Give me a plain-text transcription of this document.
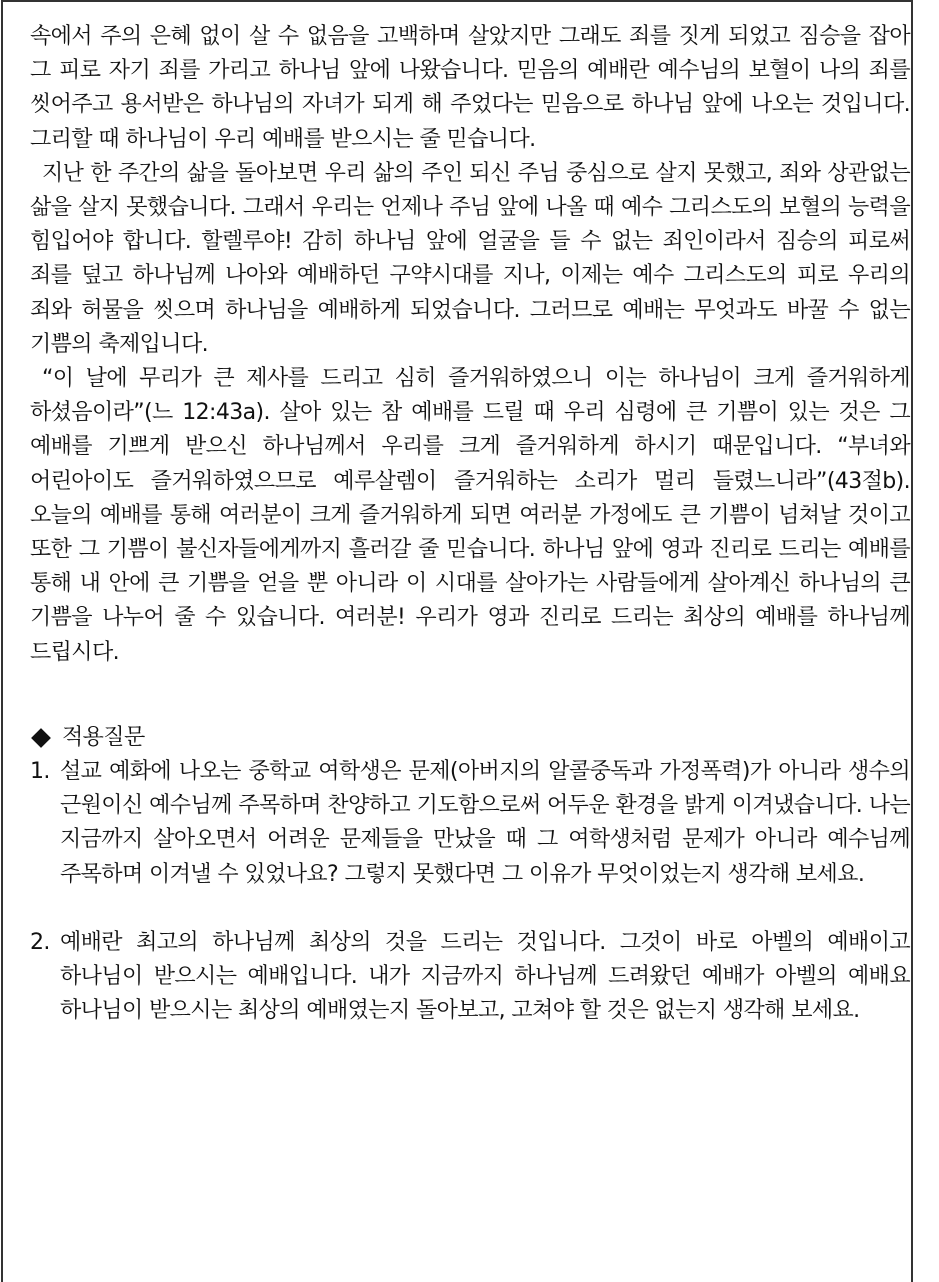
속에서 주의 은혜 없이 살 수 없음을 고백하며 살았지만 그래도 죄를 짓게 되었고 짐승을 잡아 그 피로 자기 죄를 가리고 하나님 앞에 나왔습니다. 믿음의 예배란 예수님의 보혈이 나의 죄를 씻어주고 용서받은 하나님의 자녀가 되게 해 주었다는 믿음으로 하나님 앞에 나오는 것입니다. 그리할 때 하나님이 우리 예배를 받으시는 줄 믿습니다.

지난 한 주간의 삶을 돌아보면 우리 삶의 주인 되신 주님 중심으로 살지 못했고, 죄와 상관없는 삶을 살지 못했습니다. 그래서 우리는 언제나 주님 앞에 나올 때 예수 그리스도의 보혈의 능력을 힘입어야 합니다. 할렐루야! 감히 하나님 앞에 얼굴을 들 수 없는 죄인이라서 짐승의 피로써 죄를 덮고 하나님께 나아와 예배하던 구약시대를 지나, 이제는 예수 그리스도의 피로 우리의 죄와 허물을 씻으며 하나님을 예배하게 되었습니다. 그러므로 예배는 무엇과도 바꿀 수 없는 기쁨의 축제입니다.

“이 날에 무리가 큰 제사를 드리고 심히 즐거워하였으니 이는 하나님이 크게 즐거워하게 하셨음이라”(느 12:43a). 살아 있는 참 예배를 드릴 때 우리 심령에 큰 기쁨이 있는 것은 그 예배를 기쁘게 받으신 하나님께서 우리를 크게 즐거워하게 하시기 때문입니다. “부녀와 어린아이도 즐거워하였으므로 예루살렘이 즐거워하는 소리가 멀리 들렸느니라”(43절b). 오늘의 예배를 통해 여러분이 크게 즐거워하게 되면 여러분 가정에도 큰 기쁨이 넘쳐날 것이고 또한 그 기쁨이 불신자들에게까지 흘러갈 줄 믿습니다. 하나님 앞에 영과 진리로 드리는 예배를 통해 내 안에 큰 기쁨을 얻을 뿐 아니라 이 시대를 살아가는 사람들에게 살아계신 하나님의 큰 기쁨을 나누어 줄 수 있습니다. 여러분! 우리가 영과 진리로 드리는 최상의 예배를 하나님께 드립시다.

적용질문
1. 설교 예화에 나오는 중학교 여학생은 문제(아버지의 알콜중독과 가정폭력)가 아니라 생수의 근원이신 예수님께 주목하며 찬양하고 기도함으로써 어두운 환경을 밝게 이겨냈습니다. 나는 지금까지 살아오면서 어려운 문제들을 만났을 때 그 여학생처럼 문제가 아니라 예수님께 주목하며 이겨낼 수 있었나요? 그렇지 못했다면 그 이유가 무엇이었는지 생각해 보세요.
2. 예배란 최고의 하나님께 최상의 것을 드리는 것입니다. 그것이 바로 아벨의 예배이고 하나님이 받으시는 예배입니다. 내가 지금까지 하나님께 드려왔던 예배가 아벨의 예배요 하나님이 받으시는 최상의 예배였는지 돌아보고, 고쳐야 할 것은 없는지 생각해 보세요.
